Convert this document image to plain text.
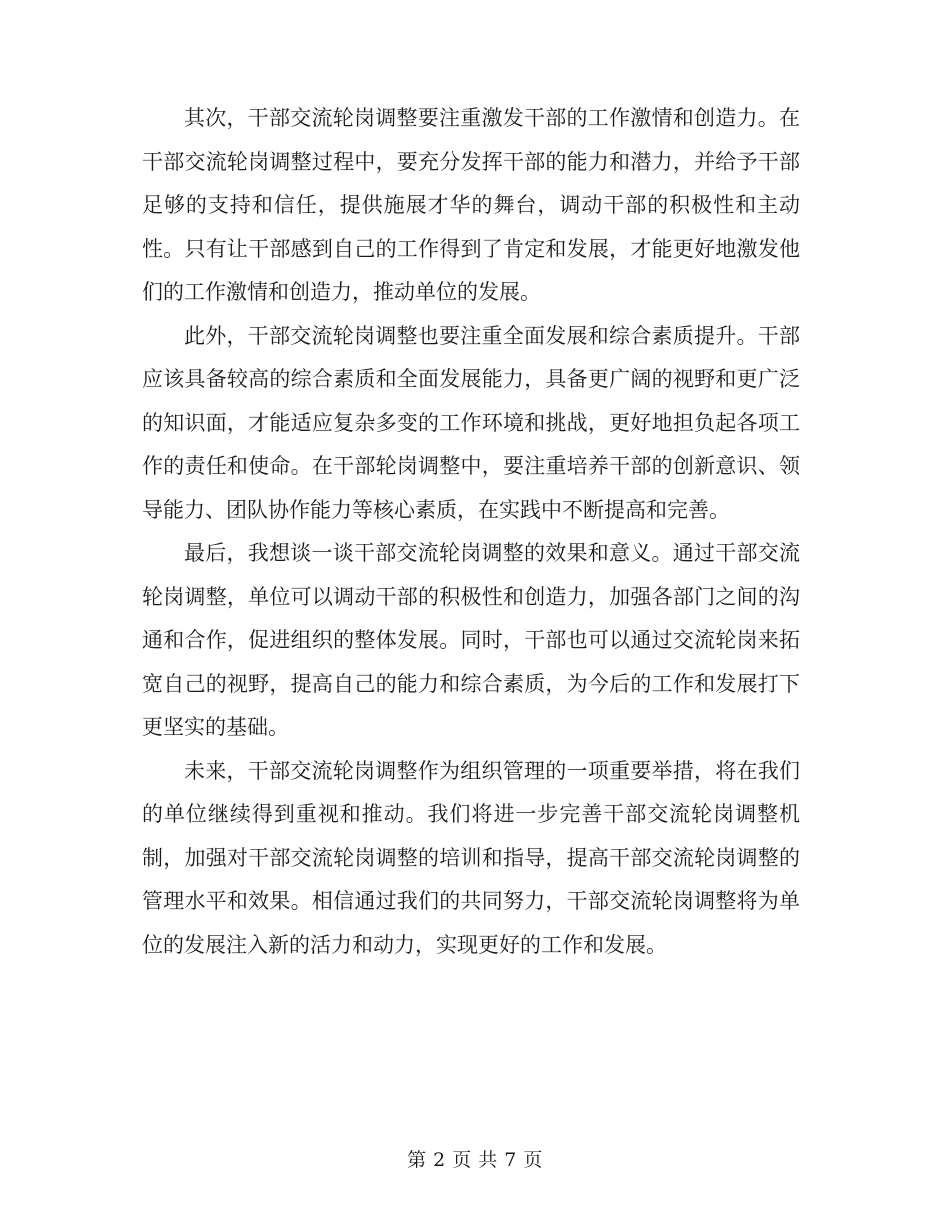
其次，干部交流轮岗调整要注重激发干部的工作激情和创造力。在干部交流轮岗调整过程中，要充分发挥干部的能力和潜力，并给予干部足够的支持和信任，提供施展才华的舞台，调动干部的积极性和主动性。只有让干部感到自己的工作得到了肯定和发展，才能更好地激发他们的工作激情和创造力，推动单位的发展。

此外，干部交流轮岗调整也要注重全面发展和综合素质提升。干部应该具备较高的综合素质和全面发展能力，具备更广阔的视野和更广泛的知识面，才能适应复杂多变的工作环境和挑战，更好地担负起各项工作的责任和使命。在干部轮岗调整中，要注重培养干部的创新意识、领导能力、团队协作能力等核心素质，在实践中不断提高和完善。

最后，我想谈一谈干部交流轮岗调整的效果和意义。通过干部交流轮岗调整，单位可以调动干部的积极性和创造力，加强各部门之间的沟通和合作，促进组织的整体发展。同时，干部也可以通过交流轮岗来拓宽自己的视野，提高自己的能力和综合素质，为今后的工作和发展打下更坚实的基础。

未来，干部交流轮岗调整作为组织管理的一项重要举措，将在我们的单位继续得到重视和推动。我们将进一步完善干部交流轮岗调整机制，加强对干部交流轮岗调整的培训和指导，提高干部交流轮岗调整的管理水平和效果。相信通过我们的共同努力，干部交流轮岗调整将为单位的发展注入新的活力和动力，实现更好的工作和发展。

第 2 页 共 7 页
